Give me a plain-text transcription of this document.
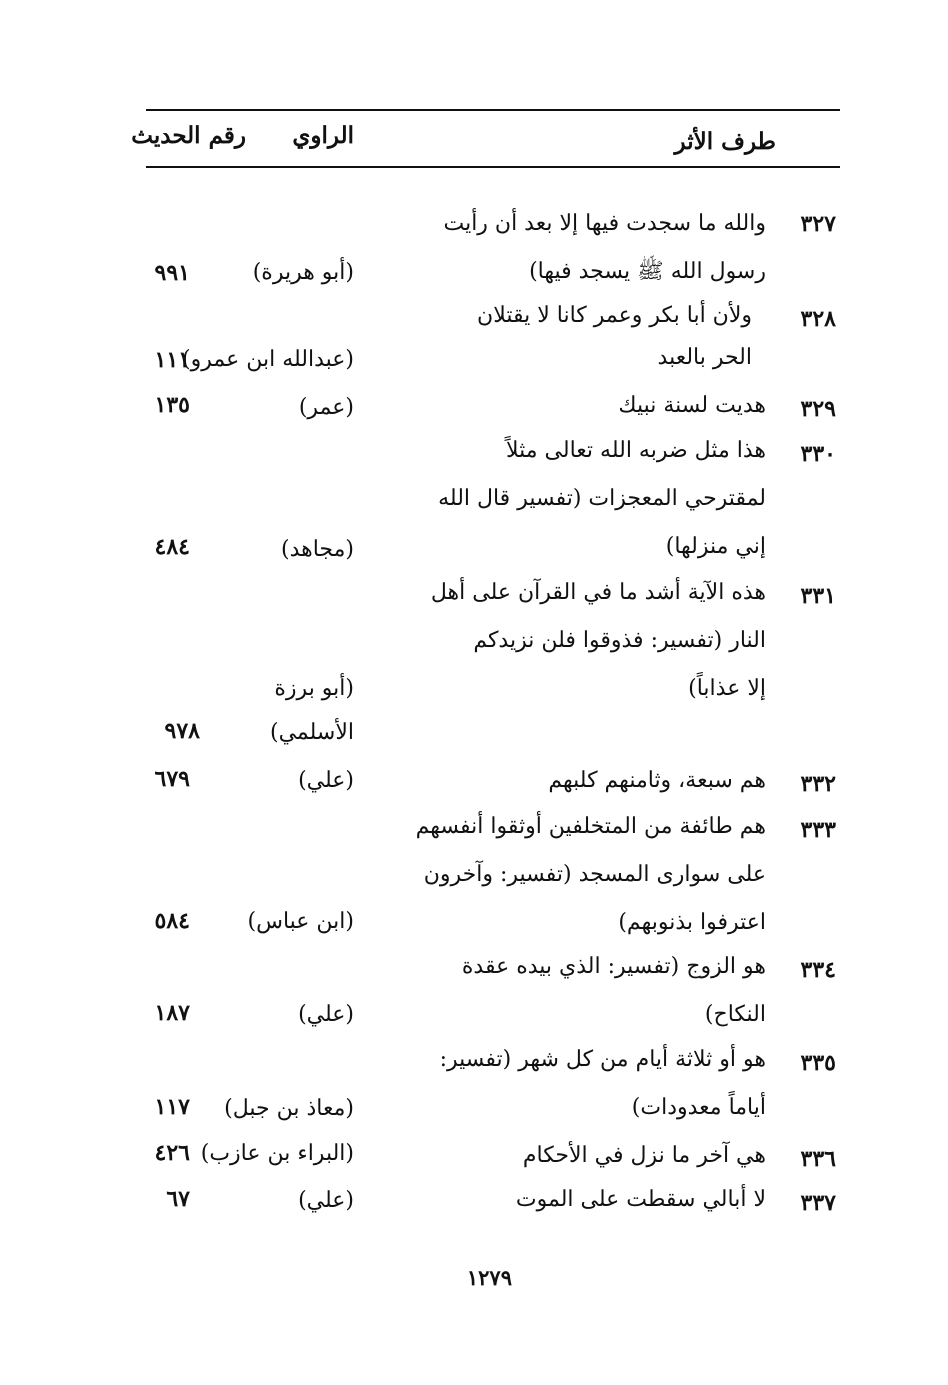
طرف الأثر
الراوي
رقم الحديث
٣٢٧
والله ما سجدت فيها إلا بعد أن رأيت
رسول الله ﷺ يسجد فيها)
(أبو هريرة)
٩٩١
٣٢٨
ولأن أبا بكر وعمر كانا لا يقتلان
الحر بالعبد
(عبدالله ابن عمرو)
١١١
٣٢٩
هديت لسنة نبيك
(عمر)
١٣٥
٣٣٠
هذا مثل ضربه الله تعالى مثلاً
لمقترحي المعجزات (تفسير قال الله
إني منزلها)
(مجاهد)
٤٨٤
٣٣١
هذه الآية أشد ما في القرآن على أهل
النار (تفسير: فذوقوا فلن نزيدكم
إلا عذاباً)
(أبو برزة
الأسلمي)
٩٧٨
٣٣٢
هم سبعة، وثامنهم كلبهم
(علي)
٦٧٩
٣٣٣
هم طائفة من المتخلفين أوثقوا أنفسهم
على سوارى المسجد (تفسير: وآخرون
اعترفوا بذنوبهم)
(ابن عباس)
٥٨٤
٣٣٤
هو الزوج (تفسير: الذي بيده عقدة
النكاح)
(علي)
١٨٧
٣٣٥
هو أو ثلاثة أيام من كل شهر (تفسير:
أياماً معدودات)
(معاذ بن جبل)
١١٧
٣٣٦
هي آخر ما نزل في الأحكام
(البراء بن عازب)
٤٢٦
٣٣٧
لا أبالي سقطت على الموت
(علي)
٦٧
١٢٧٩
